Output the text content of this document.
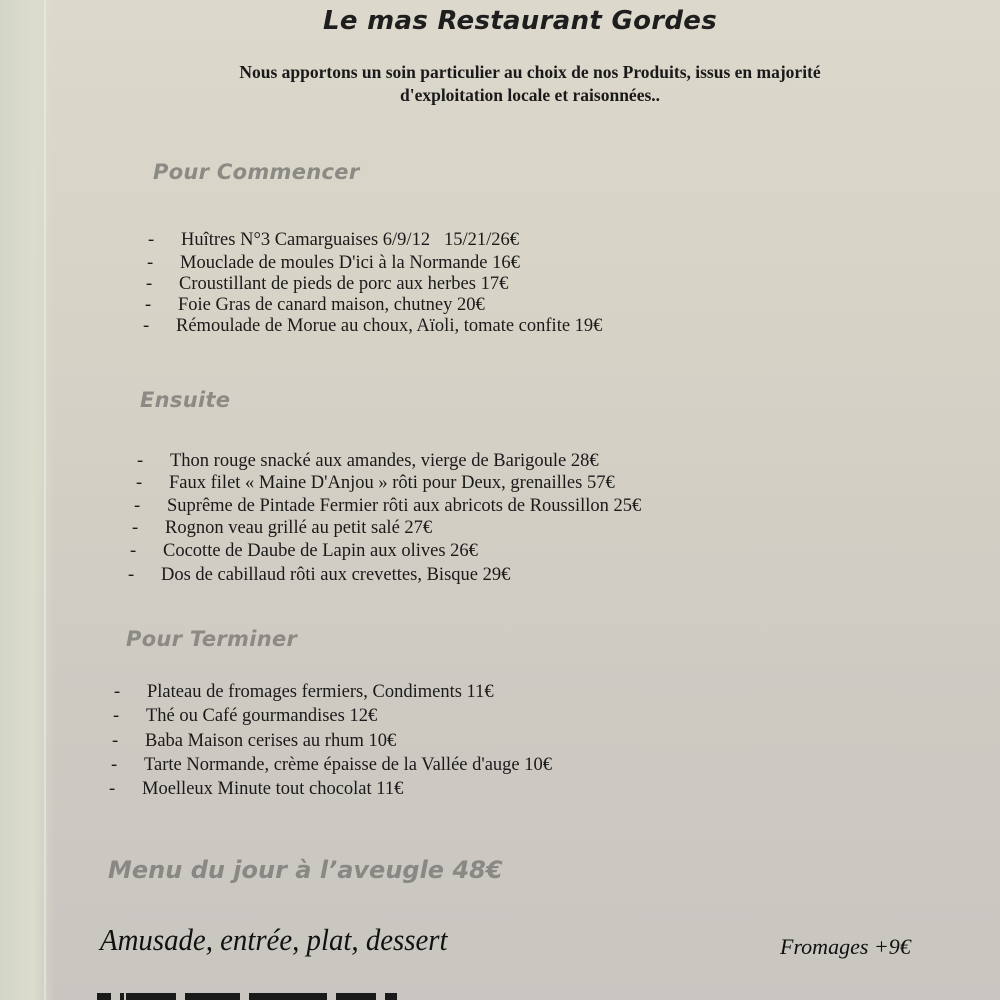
Le mas Restaurant Gordes
Nous apportons un soin particulier au choix de nos Produits, issus en majorité
d'exploitation locale et raisonnées..
Pour Commencer
-	Huîtres N°3 Camarguaises 6/9/12   15/21/26€
-	Mouclade de moules D'ici à la Normande 16€
-	Croustillant de pieds de porc aux herbes 17€
-	Foie Gras de canard maison, chutney 20€
-	Rémoulade de Morue au choux, Aïoli, tomate confite 19€
Ensuite
-	Thon rouge snacké aux amandes, vierge de Barigoule 28€
-	Faux filet « Maine D'Anjou » rôti pour Deux, grenailles 57€
-	Suprême de Pintade Fermier rôti aux abricots de Roussillon 25€
-	Rognon veau grillé au petit salé 27€
-	Cocotte de Daube de Lapin aux olives 26€
-	Dos de cabillaud rôti aux crevettes, Bisque 29€
Pour Terminer
-	Plateau de fromages fermiers, Condiments 11€
-	Thé ou Café gourmandises 12€
-	Baba Maison cerises au rhum 10€
-	Tarte Normande, crème épaisse de la Vallée d'auge 10€
-	Moelleux Minute tout chocolat 11€
Menu du jour à l’aveugle 48€
Amusade, entrée, plat, dessert	Fromages +9€
